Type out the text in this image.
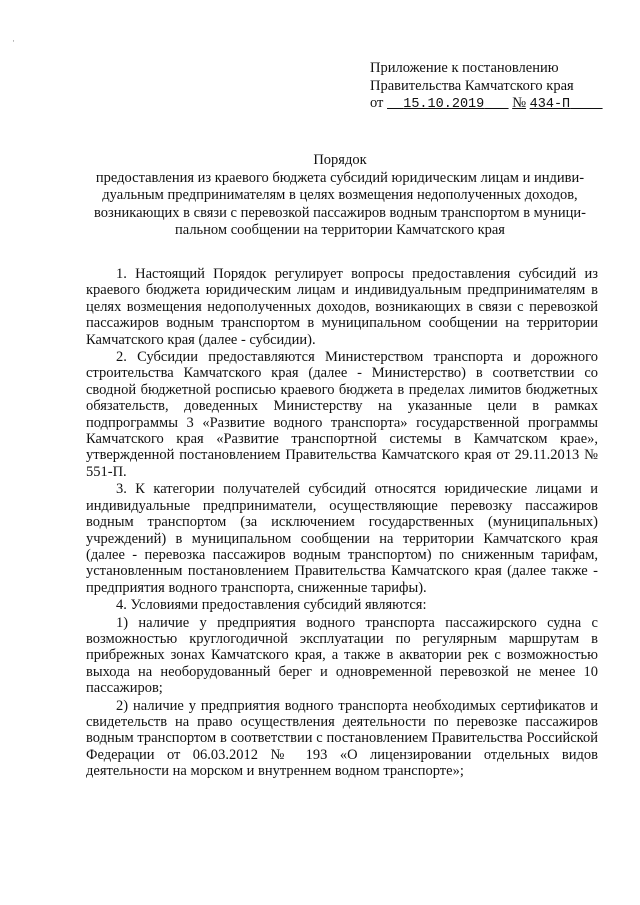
·
Приложение к постановлению
Правительства Камчатского края
от 15.10.2019 № 434-П
Порядок
предоставления из краевого бюджета субсидий юридическим лицам и индиви-
дуальным предпринимателям в целях возмещения недополученных доходов,
возникающих в связи с перевозкой пассажиров водным транспортом в муници-
пальном сообщении на территории Камчатского края

1. Настоящий Порядок регулирует вопросы предоставления субсидий из краевого бюджета юридическим лицам и индивидуальным предпринимателям в целях возмещения недополученных доходов, возникающих в связи с перевозкой пассажиров водным транспортом в муниципальном сообщении на территории Камчатского края (далее - субсидии).

2. Субсидии предоставляются Министерством транспорта и дорожного строительства Камчатского края (далее - Министерство) в соответствии со сводной бюджетной росписью краевого бюджета в пределах лимитов бюджетных обязательств, доведенных Министерству на указанные цели в рамках подпрограммы 3 «Развитие водного транспорта» государственной программы Камчатского края «Развитие транспортной системы в Камчатском крае», утвержденной постановлением Правительства Камчатского края от 29.11.2013 № 551-П.

3. К категории получателей субсидий относятся юридические лицами и индивидуальные предприниматели, осуществляющие перевозку пассажиров водным транспортом (за исключением государственных (муниципальных) учреждений) в муниципальном сообщении на территории Камчатского края (далее - перевозка пассажиров водным транспортом) по сниженным тарифам, установленным постановлением Правительства Камчатского края (далее также - предприятия водного транспорта, сниженные тарифы).

4. Условиями предоставления субсидий являются:

1) наличие у предприятия водного транспорта пассажирского судна с возможностью круглогодичной эксплуатации по регулярным маршрутам в прибрежных зонах Камчатского края, а также в акватории рек с возможностью выхода на необорудованный берег и одновременной перевозкой не менее 10 пассажиров;

2) наличие у предприятия водного транспорта необходимых сертификатов и свидетельств на право осуществления деятельности по перевозке пассажиров водным транспортом в соответствии с постановлением Правительства Российской Федерации от 06.03.2012 № 193 «О лицензировании отдельных видов деятельности на морском и внутреннем водном транспорте»;
